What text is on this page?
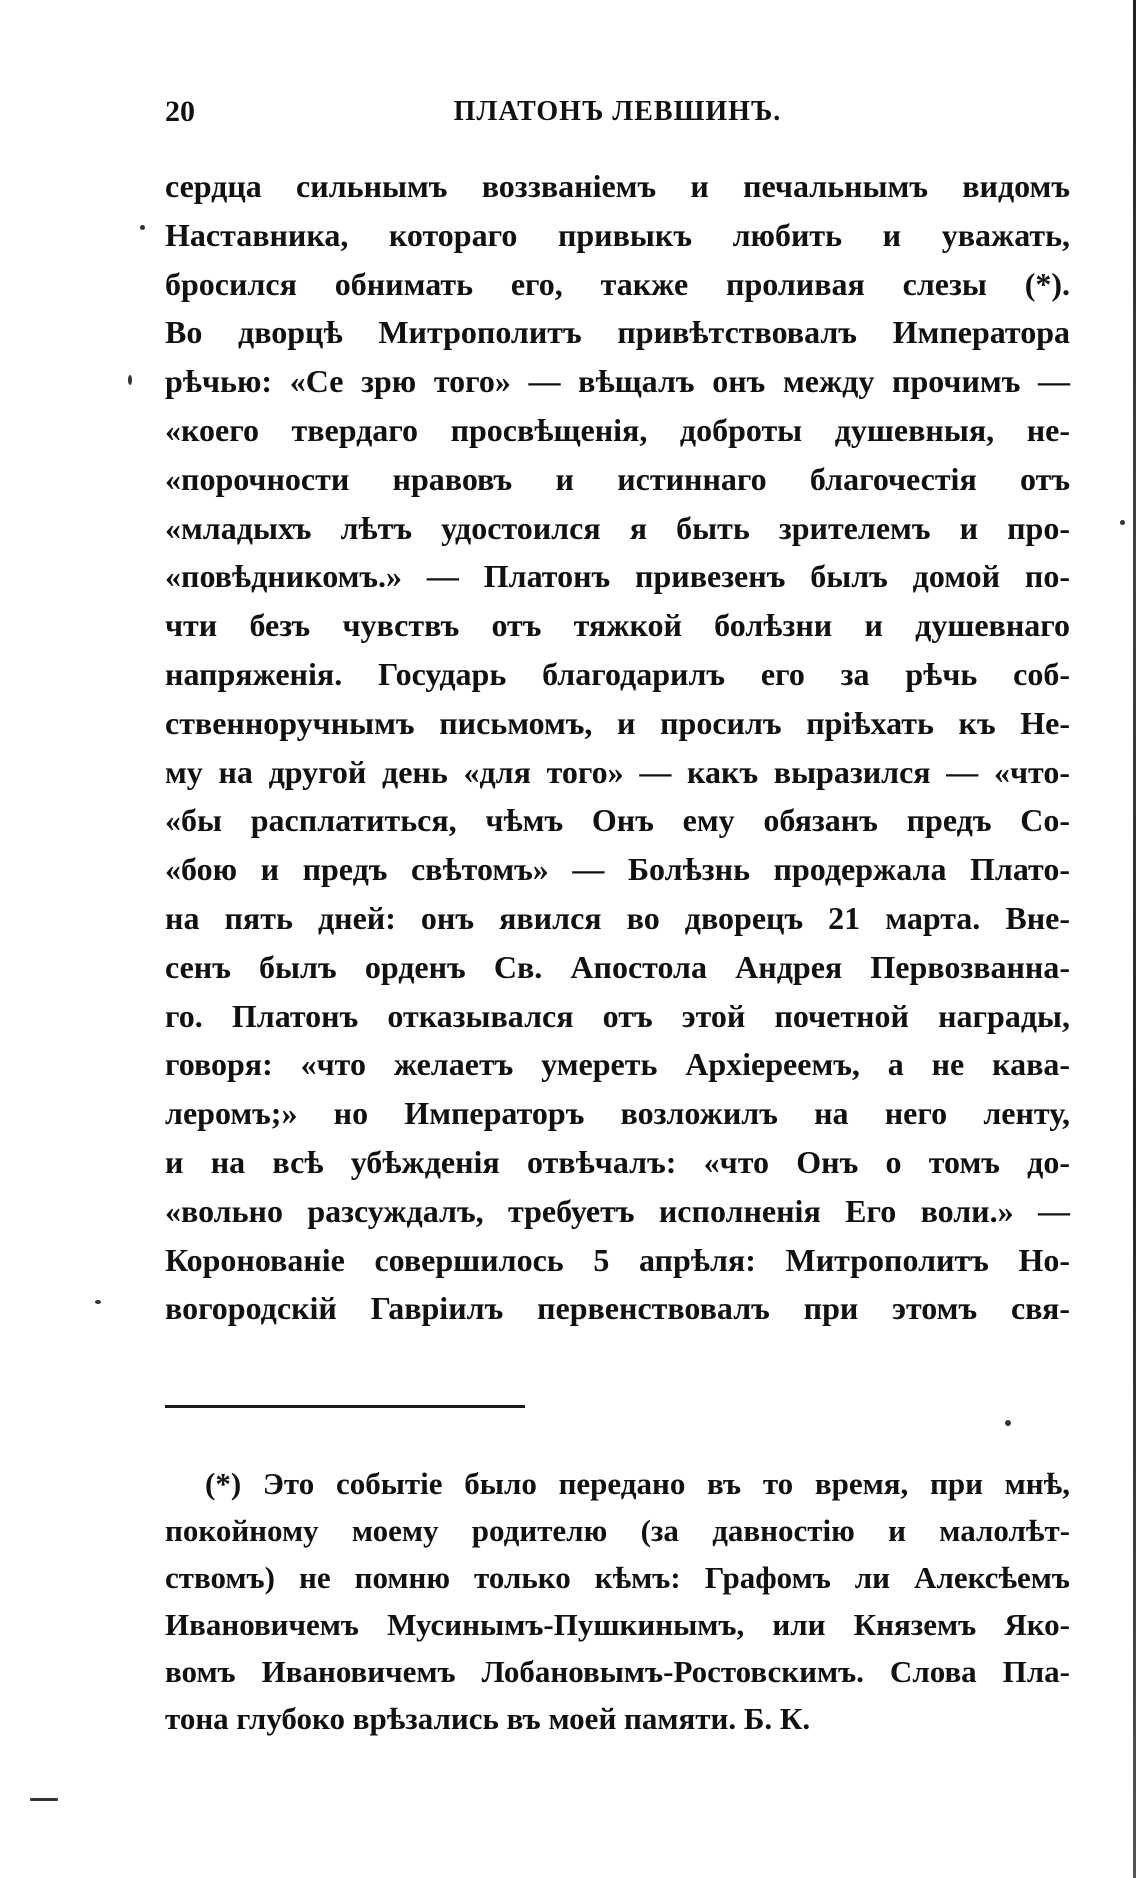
20	ПЛАТОНЪ ЛЕВШИНЪ.
сердца сильнымъ воззваніемъ и печальнымъ видомъ
Наставника, котораго привыкъ любить и уважать,
бросился обнимать его, также проливая слезы (*).
Во дворцѣ Митрополитъ привѣтствовалъ Императора
рѣчью: «Се зрю того» — вѣщалъ онъ между прочимъ —
«коего твердаго просвѣщенія, доброты душевныя, не-
«порочности нравовъ и истиннаго благочестія отъ
«младыхъ лѣтъ удостоился я быть зрителемъ и про-
«повѣдникомъ.» — Платонъ привезенъ былъ домой по-
чти безъ чувствъ отъ тяжкой болѣзни и душевнаго
напряженія. Государь благодарилъ его за рѣчь соб-
ственноручнымъ письмомъ, и просилъ пріѣхать къ Не-
му на другой день «для того» — какъ выразился — «что-
«бы расплатиться, чѣмъ Онъ ему обязанъ предъ Со-
«бою и предъ свѣтомъ» — Болѣзнь продержала Плато-
на пять дней: онъ явился во дворецъ 21 марта. Вне-
сенъ былъ орденъ Св. Апостола Андрея Первозванна-
го. Платонъ отказывался отъ этой почетной награды,
говоря: «что желаетъ умереть Архіереемъ, а не кава-
леромъ;» но Императоръ возложилъ на него ленту,
и на всѣ убѣжденія отвѣчалъ: «что Онъ о томъ до-
«вольно разсуждалъ, требуетъ исполненія Его воли.» —
Коронованіе совершилось 5 апрѣля: Митрополитъ Но-
вогородскій Гавріилъ первенствовалъ при этомъ свя-
(*) Это событіе было передано въ то время, при мнѣ,
покойному моему родителю (за давностію и малолѣт-
ствомъ) не помню только кѣмъ: Графомъ ли Алексѣемъ
Ивановичемъ Мусинымъ-Пушкинымъ, или Княземъ Яко-
вомъ Ивановичемъ Лобановымъ-Ростовскимъ. Слова Пла-
тона глубоко врѣзались въ моей памяти. Б. К.
